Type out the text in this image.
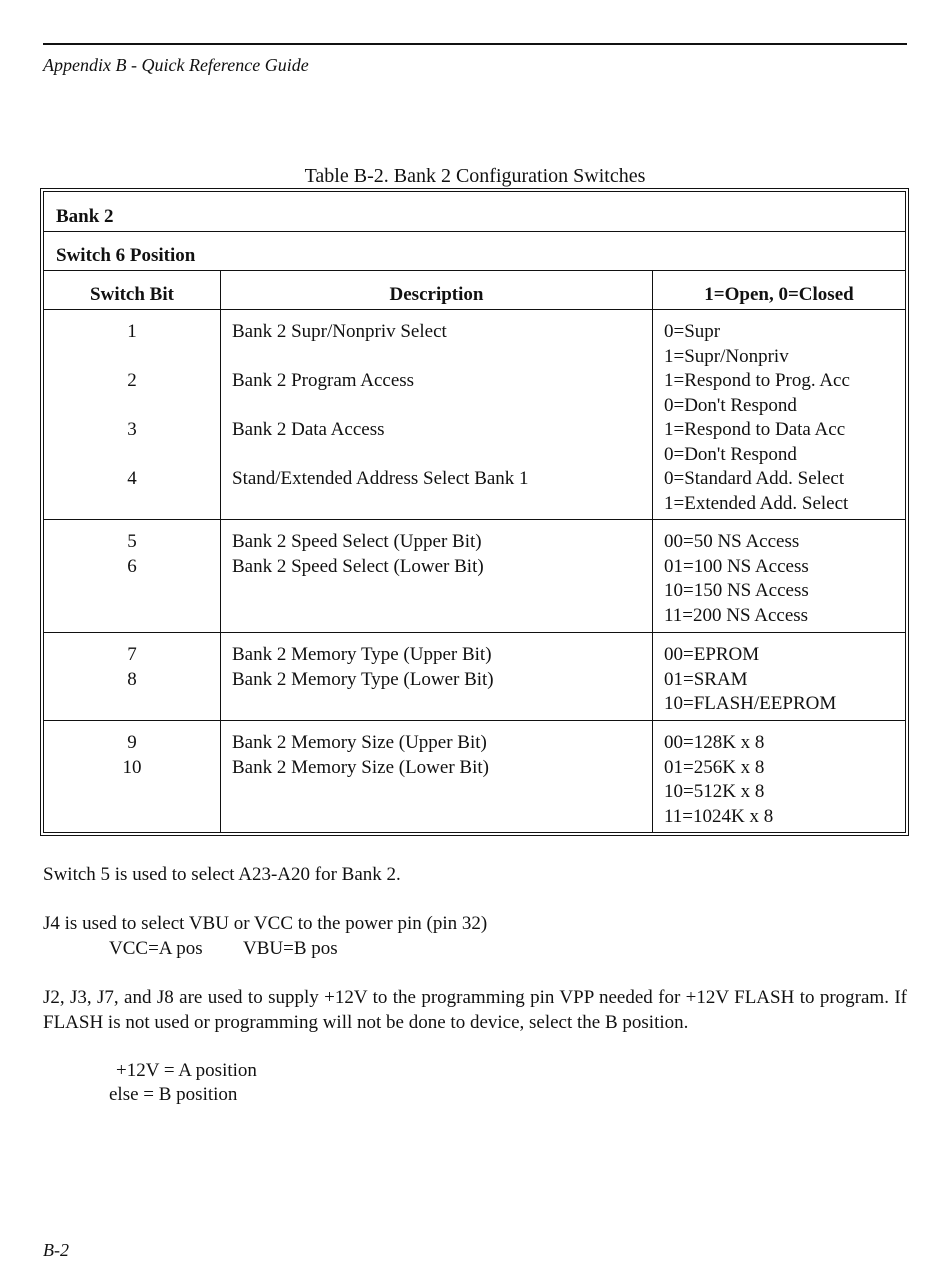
Appendix B - Quick Reference Guide
Table B-2. Bank 2 Configuration Switches
Bank 2
Switch 6 Position
Switch Bit	Description	1=Open, 0=Closed
1
2
3
4
Bank 2 Supr/Nonpriv Select
Bank 2 Program Access
Bank 2 Data Access
Stand/Extended Address Select Bank 1
0=Supr
1=Supr/Nonpriv
1=Respond to Prog. Acc
0=Don't Respond
1=Respond to Data Acc
0=Don't Respond
0=Standard Add. Select
1=Extended Add. Select
5
6
Bank 2 Speed Select (Upper Bit)
Bank 2 Speed Select (Lower Bit)
00=50 NS Access
01=100 NS Access
10=150 NS Access
11=200 NS Access
7
8
Bank 2 Memory Type (Upper Bit)
Bank 2 Memory Type (Lower Bit)
00=EPROM
01=SRAM
10=FLASH/EEPROM
9
10
Bank 2 Memory Size (Upper Bit)
Bank 2 Memory Size (Lower Bit)
00=128K x 8
01=256K x 8
10=512K x 8
11=1024K x 8
Switch 5 is used to select A23-A20 for Bank 2.
J4 is used to select VBU or VCC to the power pin (pin 32)
VCC=A pos VBU=B pos
J2, J3, J7, and J8 are used to supply +12V to the programming pin VPP needed for +12V FLASH to program. If FLASH is not used or programming will not be done to device, select the B position.
+12V = A position
else = B position
B-2
